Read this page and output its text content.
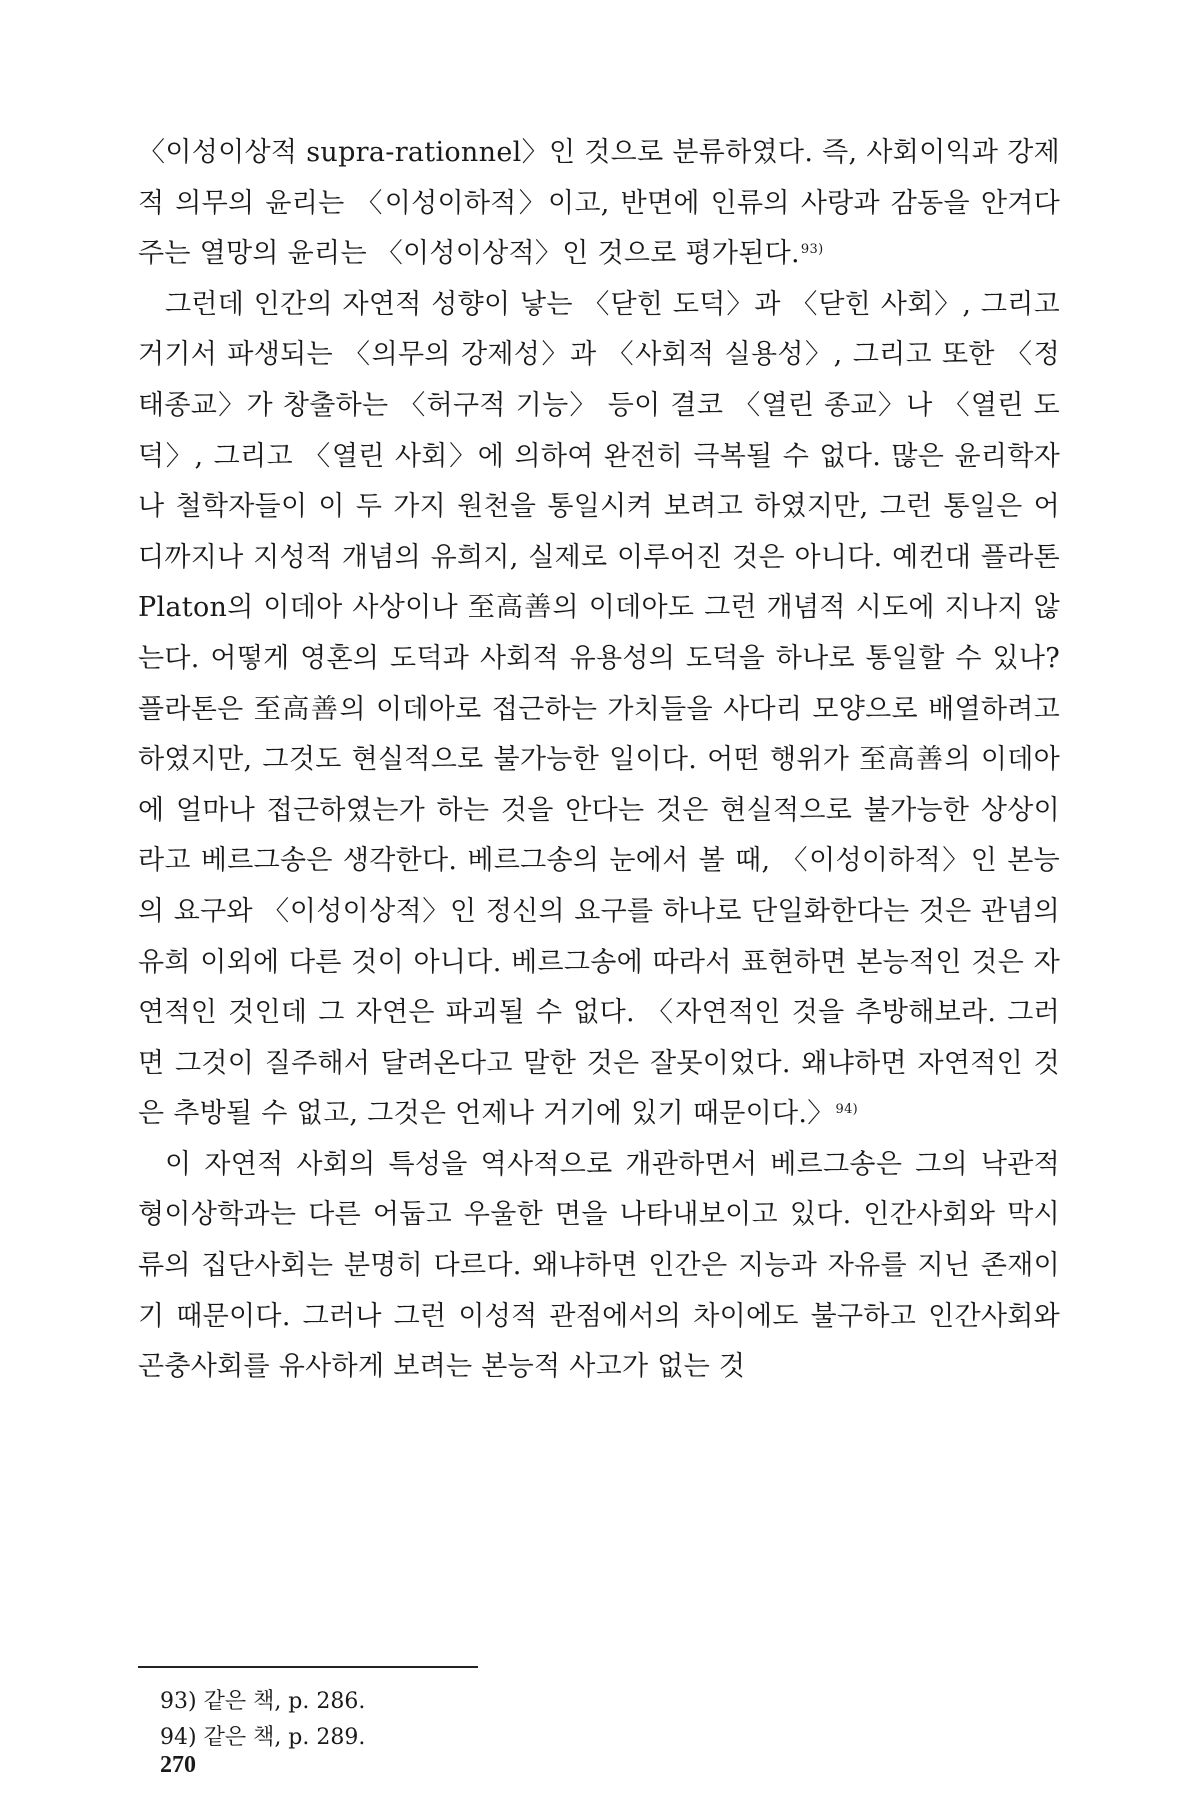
〈이성이상적 supra-rationnel〉인 것으로 분류하였다. 즉, 사회이익과 강제적 의무의 윤리는 〈이성이하적〉이고, 반면에 인류의 사랑과 감동을 안겨다주는 열망의 윤리는 〈이성이상적〉인 것으로 평가된다.$^{93)}$

그런데 인간의 자연적 성향이 낳는 〈닫힌 도덕〉과 〈닫힌 사회〉, 그리고 거기서 파생되는 〈의무의 강제성〉과 〈사회적 실용성〉, 그리고 또한 〈정태종교〉가 창출하는 〈허구적 기능〉 등이 결코 〈열린 종교〉나 〈열린 도덕〉, 그리고 〈열린 사회〉에 의하여 완전히 극복될 수 없다. 많은 윤리학자나 철학자들이 이 두 가지 원천을 통일시켜 보려고 하였지만, 그런 통일은 어디까지나 지성적 개념의 유희지, 실제로 이루어진 것은 아니다. 예컨대 플라톤 Platon의 이데아 사상이나 至高善의 이데아도 그런 개념적 시도에 지나지 않는다. 어떻게 영혼의 도덕과 사회적 유용성의 도덕을 하나로 통일할 수 있나? 플라톤은 至高善의 이데아로 접근하는 가치들을 사다리 모양으로 배열하려고 하였지만, 그것도 현실적으로 불가능한 일이다. 어떤 행위가 至高善의 이데아에 얼마나 접근하였는가 하는 것을 안다는 것은 현실적으로 불가능한 상상이라고 베르그송은 생각한다. 베르그송의 눈에서 볼 때, 〈이성이하적〉인 본능의 요구와 〈이성이상적〉인 정신의 요구를 하나로 단일화한다는 것은 관념의 유희 이외에 다른 것이 아니다. 베르그송에 따라서 표현하면 본능적인 것은 자연적인 것인데 그 자연은 파괴될 수 없다. 〈자연적인 것을 추방해보라. 그러면 그것이 질주해서 달려온다고 말한 것은 잘못이었다. 왜냐하면 자연적인 것은 추방될 수 없고, 그것은 언제나 거기에 있기 때문이다.〉$^{94)}$

이 자연적 사회의 특성을 역사적으로 개관하면서 베르그송은 그의 낙관적 형이상학과는 다른 어둡고 우울한 면을 나타내보이고 있다. 인간사회와 막시류의 집단사회는 분명히 다르다. 왜냐하면 인간은 지능과 자유를 지닌 존재이기 때문이다. 그러나 그런 이성적 관점에서의 차이에도 불구하고 인간사회와 곤충사회를 유사하게 보려는 본능적 사고가 없는 것

93) 같은 책, p. 286.

94) 같은 책, p. 289.

270
